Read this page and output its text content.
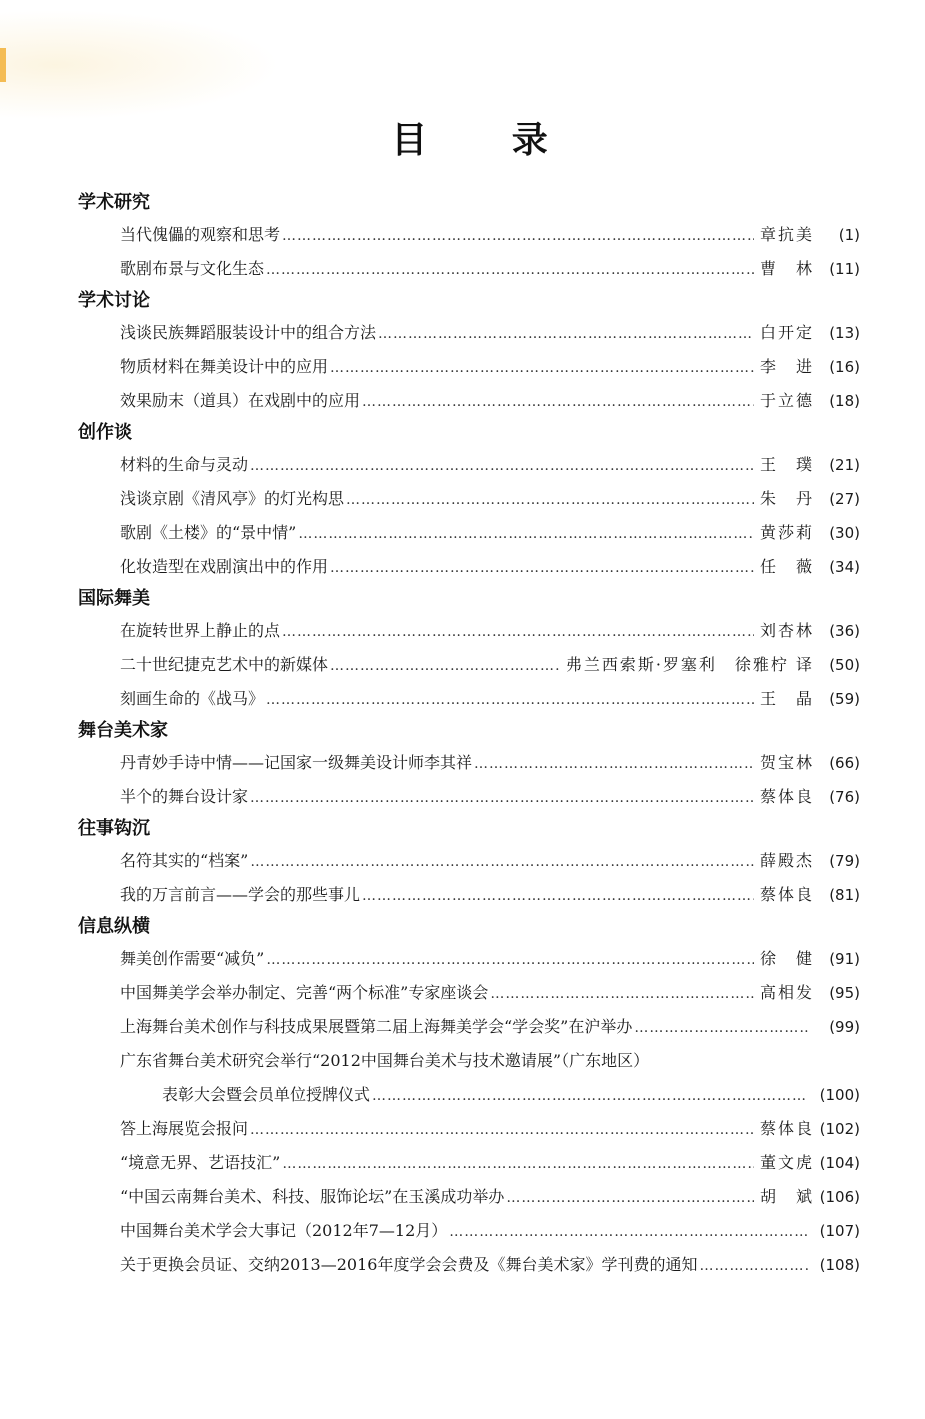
目 录
学术研究
当代傀儡的观察和思考 …………………………………………………………………………………………………………………………………………………………………………	章抗美	(1)
歌剧布景与文化生态 …………………………………………………………………………………………………………………………………………………………………………	曹　林	(11)
学术讨论
浅谈民族舞蹈服装设计中的组合方法 …………………………………………………………………………………………………………………………………………………………………………	白开定	(13)
物质材料在舞美设计中的应用 …………………………………………………………………………………………………………………………………………………………………………	李　进	(16)
效果励末（道具）在戏剧中的应用 …………………………………………………………………………………………………………………………………………………………………………	于立德	(18)
创作谈
材料的生命与灵动 …………………………………………………………………………………………………………………………………………………………………………	王　璞	(21)
浅谈京剧《清风亭》的灯光构思 …………………………………………………………………………………………………………………………………………………………………………	朱　丹	(27)
歌剧《土楼》的“景中情” …………………………………………………………………………………………………………………………………………………………………………	黄莎莉	(30)
化妆造型在戏剧演出中的作用 …………………………………………………………………………………………………………………………………………………………………………	任　薇	(34)
国际舞美
在旋转世界上静止的点 …………………………………………………………………………………………………………………………………………………………………………	刘杏林	(36)
二十世纪捷克艺术中的新媒体 …………………………………………………………………………………………………………………………………………………………………………	弗兰西索斯·罗塞利　徐雅柠 译	(50)
刻画生命的《战马》 …………………………………………………………………………………………………………………………………………………………………………	王　晶	(59)
舞台美术家
丹青妙手诗中情——记国家一级舞美设计师李其祥 …………………………………………………………………………………………………………………………………………………………………………	贺宝林	(66)
半个的舞台设计家 …………………………………………………………………………………………………………………………………………………………………………	蔡体良	(76)
往事钩沉
名符其实的“档案” …………………………………………………………………………………………………………………………………………………………………………	薛殿杰	(79)
我的万言前言——学会的那些事儿 …………………………………………………………………………………………………………………………………………………………………………	蔡体良	(81)
信息纵横
舞美创作需要“减负” …………………………………………………………………………………………………………………………………………………………………………	徐　健	(91)
中国舞美学会举办制定、完善“两个标准”专家座谈会 …………………………………………………………………………………………………………………………………………………………………………	高相发	(95)
上海舞台美术创作与科技成果展暨第二届上海舞美学会“学会奖”在沪举办 …………………………………………………………………………………………………………………………………………………………………………	(99)
广东省舞台美术研究会举行“2012中国舞台美术与技术邀请展”（广东地区）
表彰大会暨会员单位授牌仪式 …………………………………………………………………………………………………………………………………………………………………………	(100)
答上海展览会报问 …………………………………………………………………………………………………………………………………………………………………………	蔡体良 (102)
“境意无界、艺语技汇” …………………………………………………………………………………………………………………………………………………………………………	董文虎 (104)
“中国云南舞台美术、科技、服饰论坛”在玉溪成功举办 …………………………………………………………………………………………………………………………………………………………………………	胡　斌 (106)
中国舞台美术学会大事记（2012年7—12月） …………………………………………………………………………………………………………………………………………………………………………	(107)
关于更换会员证、交纳2013—2016年度学会会费及《舞台美术家》学刊费的通知 …………………………………………………………………………………………………………………………………………………………………………	(108)
